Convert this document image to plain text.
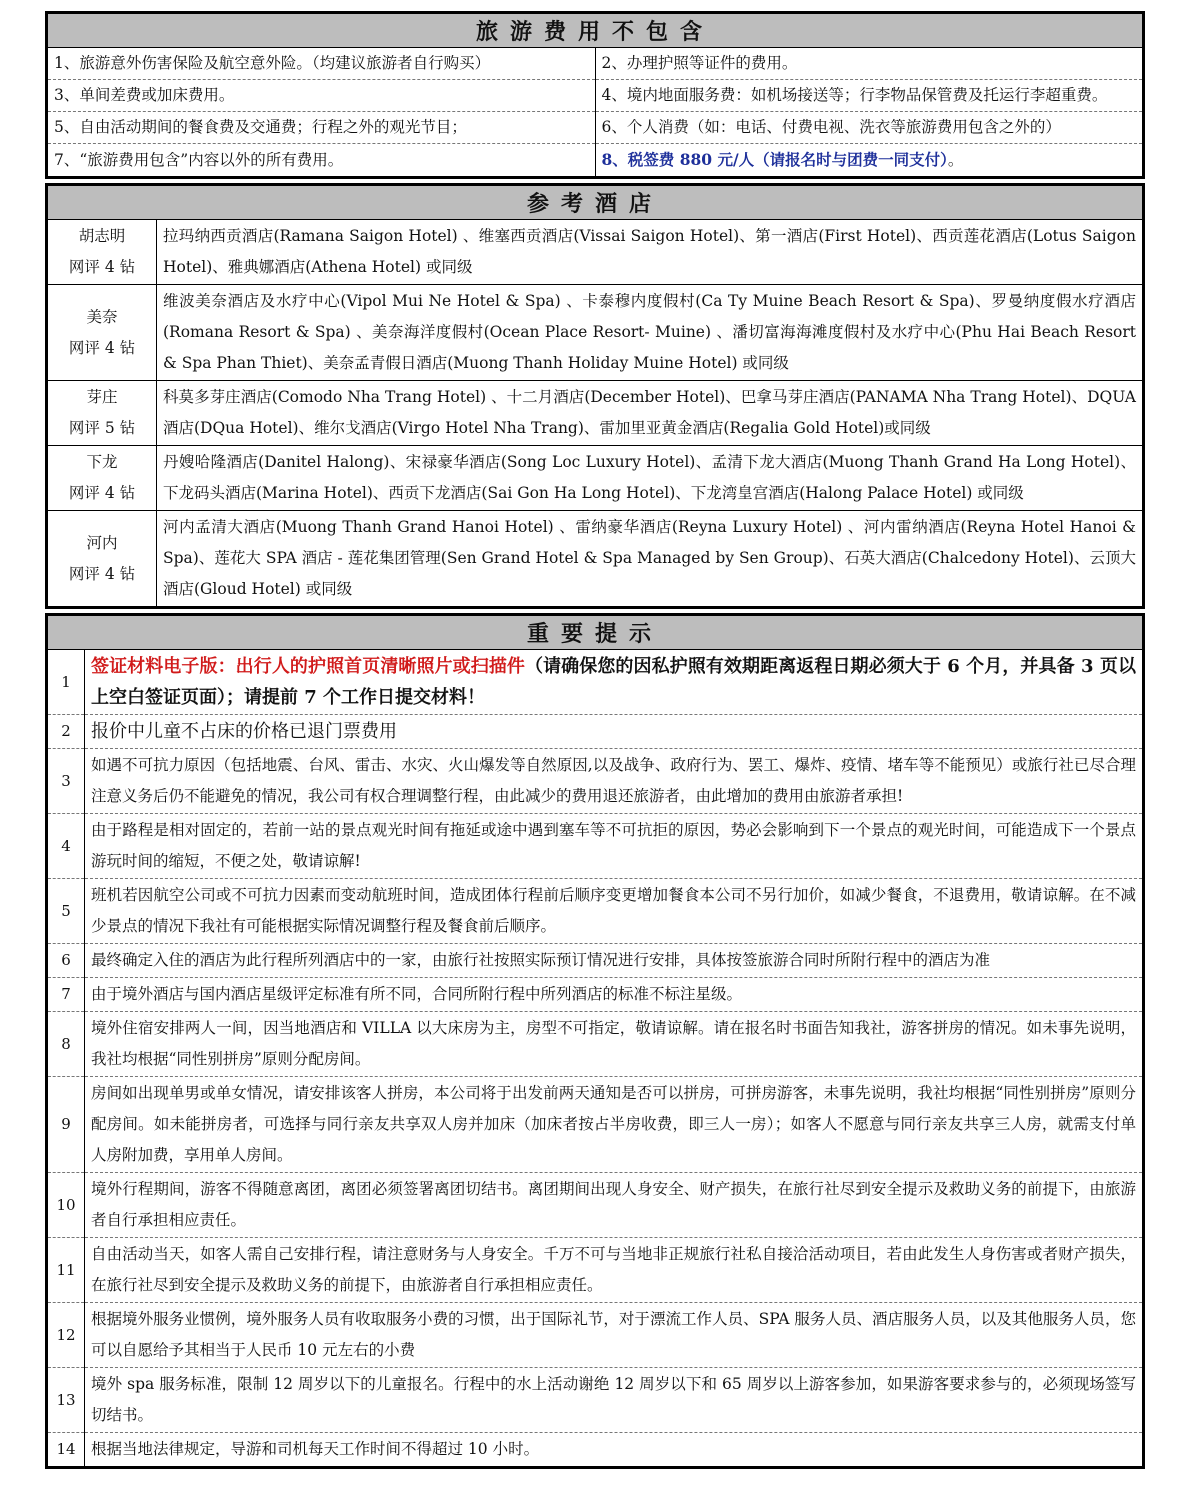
旅游费用不包含
1、旅游意外伤害保险及航空意外险。（均建议旅游者自行购买）	2、办理护照等证件的费用。
3、单间差费或加床费用。	4、境内地面服务费：如机场接送等；行李物品保管费及托运行李超重费。
5、自由活动期间的餐食费及交通费；行程之外的观光节目；	6、个人消费（如：电话、付费电视、洗衣等旅游费用包含之外的）
7、“旅游费用包含”内容以外的所有费用。	8、税签费 880 元/人（请报名时与团费一同支付）。
参考酒店
胡志明
网评 4 钻	拉玛纳西贡酒店(Ramana Saigon Hotel) 、维塞西贡酒店(Vissai Saigon Hotel)、第一酒店(First Hotel)、西贡莲花酒店(Lotus Saigon Hotel)、雅典娜酒店(Athena Hotel) 或同级

美奈
网评 4 钻	维波美奈酒店及水疗中心(Vipol Mui Ne Hotel & Spa) 、卡泰穆内度假村(Ca Ty Muine Beach Resort & Spa)、罗曼纳度假水疗酒店(Romana Resort & Spa) 、美奈海洋度假村(Ocean Place Resort- Muine) 、潘切富海海滩度假村及水疗中心(Phu Hai Beach Resort & Spa Phan Thiet)、美奈孟青假日酒店(Muong Thanh Holiday Muine Hotel) 或同级

芽庄
网评 5 钻	科莫多芽庄酒店(Comodo Nha Trang Hotel) 、十二月酒店(December Hotel)、巴拿马芽庄酒店(PANAMA Nha Trang Hotel)、DQUA 酒店(DQua Hotel)、维尔戈酒店(Virgo Hotel Nha Trang)、雷加里亚黄金酒店(Regalia Gold Hotel)或同级

下龙
网评 4 钻	丹嫂哈隆酒店(Danitel Halong)、宋禄豪华酒店(Song Loc Luxury Hotel)、孟清下龙大酒店(Muong Thanh Grand Ha Long Hotel)、下龙码头酒店(Marina Hotel)、西贡下龙酒店(Sai Gon Ha Long Hotel)、下龙湾皇宫酒店(Halong Palace Hotel) 或同级

河内
网评 4 钻	河内孟清大酒店(Muong Thanh Grand Hanoi Hotel) 、雷纳豪华酒店(Reyna Luxury Hotel) 、河内雷纳酒店(Reyna Hotel Hanoi & Spa)、莲花大 SPA 酒店 - 莲花集团管理(Sen Grand Hotel & Spa Managed by Sen Group)、石英大酒店(Chalcedony Hotel)、云顶大酒店(Gloud Hotel) 或同级
重要提示
1	签证材料电子版：出行人的护照首页清晰照片或扫描件（请确保您的因私护照有效期距离返程日期必须大于 6 个月，并具备 3 页以上空白签证页面）；请提前 7 个工作日提交材料！
2	报价中儿童不占床的价格已退门票费用
3	如遇不可抗力原因（包括地震、台风、雷击、水灾、火山爆发等自然原因,以及战争、政府行为、罢工、爆炸、疫情、堵车等不能预见）或旅行社已尽合理注意义务后仍不能避免的情况，我公司有权合理调整行程，由此减少的费用退还旅游者，由此增加的费用由旅游者承担!
4	由于路程是相对固定的，若前一站的景点观光时间有拖延或途中遇到塞车等不可抗拒的原因，势必会影响到下一个景点的观光时间，可能造成下一个景点游玩时间的缩短，不便之处，敬请谅解!
5	班机若因航空公司或不可抗力因素而变动航班时间，造成团体行程前后顺序变更增加餐食本公司不另行加价，如减少餐食，不退费用，敬请谅解。在不减少景点的情况下我社有可能根据实际情况调整行程及餐食前后顺序。
6	最终确定入住的酒店为此行程所列酒店中的一家，由旅行社按照实际预订情况进行安排，具体按签旅游合同时所附行程中的酒店为准
7	由于境外酒店与国内酒店星级评定标准有所不同，合同所附行程中所列酒店的标准不标注星级。
8	境外住宿安排两人一间，因当地酒店和 VILLA 以大床房为主，房型不可指定，敬请谅解。请在报名时书面告知我社，游客拼房的情况。如未事先说明，我社均根据“同性别拼房”原则分配房间。
9	房间如出现单男或单女情况，请安排该客人拼房，本公司将于出发前两天通知是否可以拼房，可拼房游客，未事先说明，我社均根据“同性别拼房”原则分配房间。如未能拼房者，可选择与同行亲友共享双人房并加床（加床者按占半房收费，即三人一房）；如客人不愿意与同行亲友共享三人房，就需支付单人房附加费，享用单人房间。
10	境外行程期间，游客不得随意离团，离团必须签署离团切结书。离团期间出现人身安全、财产损失，在旅行社尽到安全提示及救助义务的前提下，由旅游者自行承担相应责任。
11	自由活动当天，如客人需自己安排行程，请注意财务与人身安全。千万不可与当地非正规旅行社私自接洽活动项目，若由此发生人身伤害或者财产损失，在旅行社尽到安全提示及救助义务的前提下，由旅游者自行承担相应责任。
12	根据境外服务业惯例，境外服务人员有收取服务小费的习惯，出于国际礼节，对于漂流工作人员、SPA 服务人员、酒店服务人员，以及其他服务人员，您可以自愿给予其相当于人民币 10 元左右的小费
13	境外 spa 服务标准，限制 12 周岁以下的儿童报名。行程中的水上活动谢绝 12 周岁以下和 65 周岁以上游客参加，如果游客要求参与的，必须现场签写切结书。
14	根据当地法律规定，导游和司机每天工作时间不得超过 10 小时。
